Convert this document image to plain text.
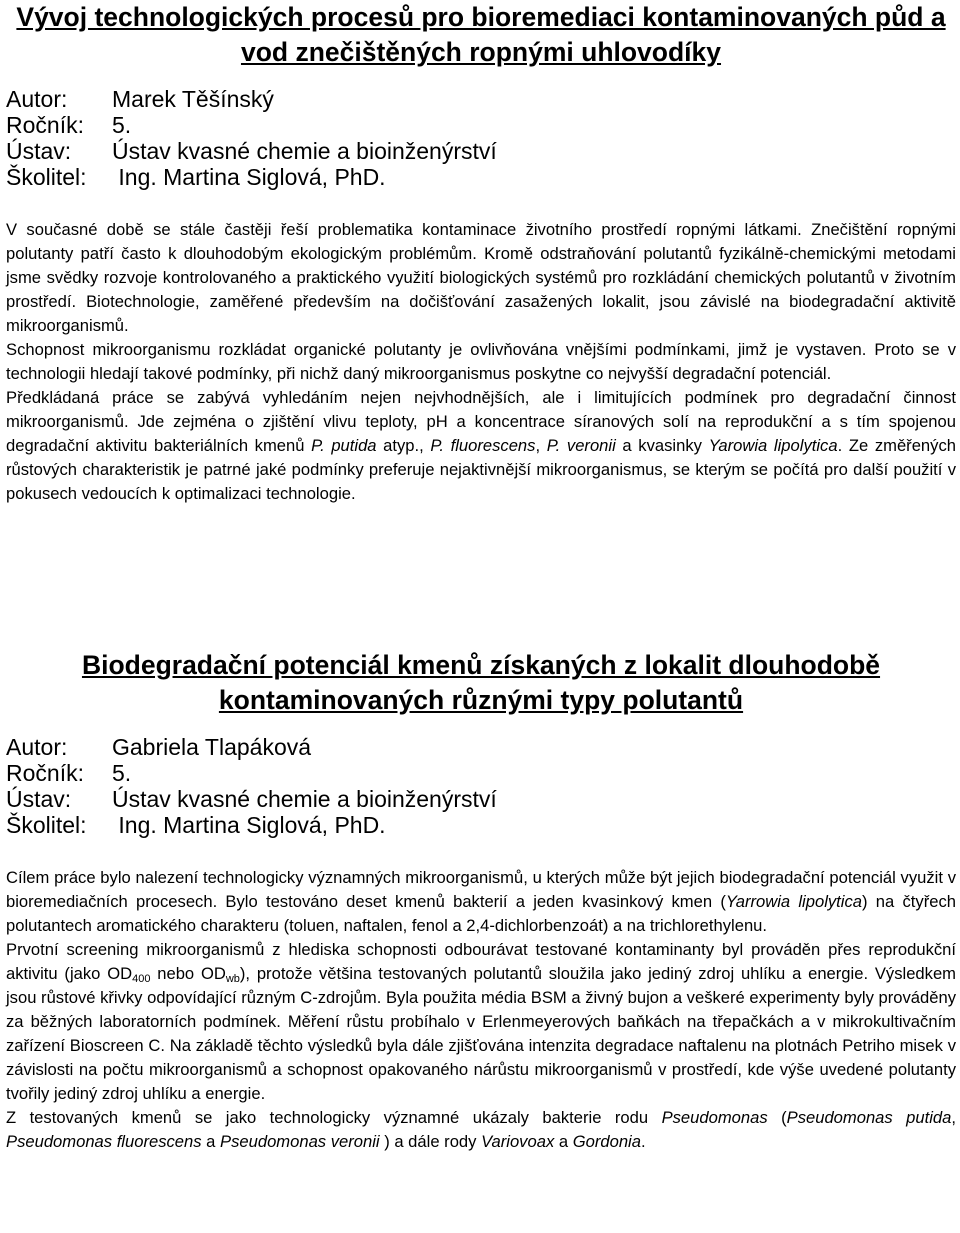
Vývoj technologických procesů pro bioremediaci kontaminovaných půd a vod znečištěných ropnými uhlovodíky
Autor:	Marek Těšínský
Ročník:	5.
Ústav:	Ústav kvasné chemie a bioinženýrství
Školitel:	Ing. Martina Siglová, PhD.

V současné době se stále častěji řeší problematika kontaminace životního prostředí ropnými látkami. Znečištění ropnými polutanty patří často k dlouhodobým ekologickým problémům. Kromě odstraňování polutantů fyzikálně-chemickými metodami jsme svědky rozvoje kontrolovaného a praktického využití biologických systémů pro rozkládání chemických polutantů v životním prostředí. Biotechnologie, zaměřené především na dočišťování zasažených lokalit, jsou závislé na biodegradační aktivitě mikroorganismů.

Schopnost mikroorganismu rozkládat organické polutanty je ovlivňována vnějšími podmínkami, jimž je vystaven. Proto se v technologii hledají takové podmínky, při nichž daný mikroorganismus poskytne co nejvyšší degradační potenciál.

Předkládaná práce se zabývá vyhledáním nejen nejvhodnějších, ale i limitujících podmínek pro degradační činnost mikroorganismů. Jde zejména o zjištění vlivu teploty, pH a koncentrace síranových solí na reprodukční a s tím spojenou degradační aktivitu bakteriálních kmenů P. putida atyp., P. fluorescens, P. veronii a kvasinky Yarowia lipolytica. Ze změřených růstových charakteristik je patrné jaké podmínky preferuje nejaktivnější mikroorganismus, se kterým se počítá pro další použití v pokusech vedoucích k optimalizaci technologie.

Biodegradační potenciál kmenů získaných z lokalit dlouhodobě kontaminovaných různými typy polutantů
Autor:	Gabriela Tlapáková
Ročník:	5.
Ústav:	Ústav kvasné chemie a bioinženýrství
Školitel:	Ing. Martina Siglová, PhD.

Cílem práce bylo nalezení technologicky významných mikroorganismů, u kterých může být jejich biodegradační potenciál využit v bioremediačních procesech. Bylo testováno deset kmenů bakterií a jeden kvasinkový kmen (Yarrowia lipolytica) na čtyřech polutantech aromatického charakteru (toluen, naftalen, fenol a 2,4-dichlorbenzoát) a na trichlorethylenu.

Prvotní screening mikroorganismů z hlediska schopnosti odbourávat testované kontaminanty byl prováděn přes reprodukční aktivitu (jako $OD_{400}$ nebo $OD_{wb}$), protože většina testovaných polutantů sloužila jako jediný zdroj uhlíku a energie. Výsledkem jsou růstové křivky odpovídající různým C-zdrojům. Byla použita média BSM a živný bujon a veškeré experimenty byly prováděny za běžných laboratorních podmínek. Měření růstu probíhalo v Erlenmeyerových baňkách na třepačkách a v mikrokultivačním zařízení Bioscreen C. Na základě těchto výsledků byla dále zjišťována intenzita degradace naftalenu na plotnách Petriho misek v závislosti na počtu mikroorganismů a schopnost opakovaného nárůstu mikroorganismů v prostředí, kde výše uvedené polutanty tvořily jediný zdroj uhlíku a energie.

Z testovaných kmenů se jako technologicky významné ukázaly bakterie rodu Pseudomonas (Pseudomonas putida, Pseudomonas fluorescens a Pseudomonas veronii ) a dále rody Variovoax a Gordonia.
